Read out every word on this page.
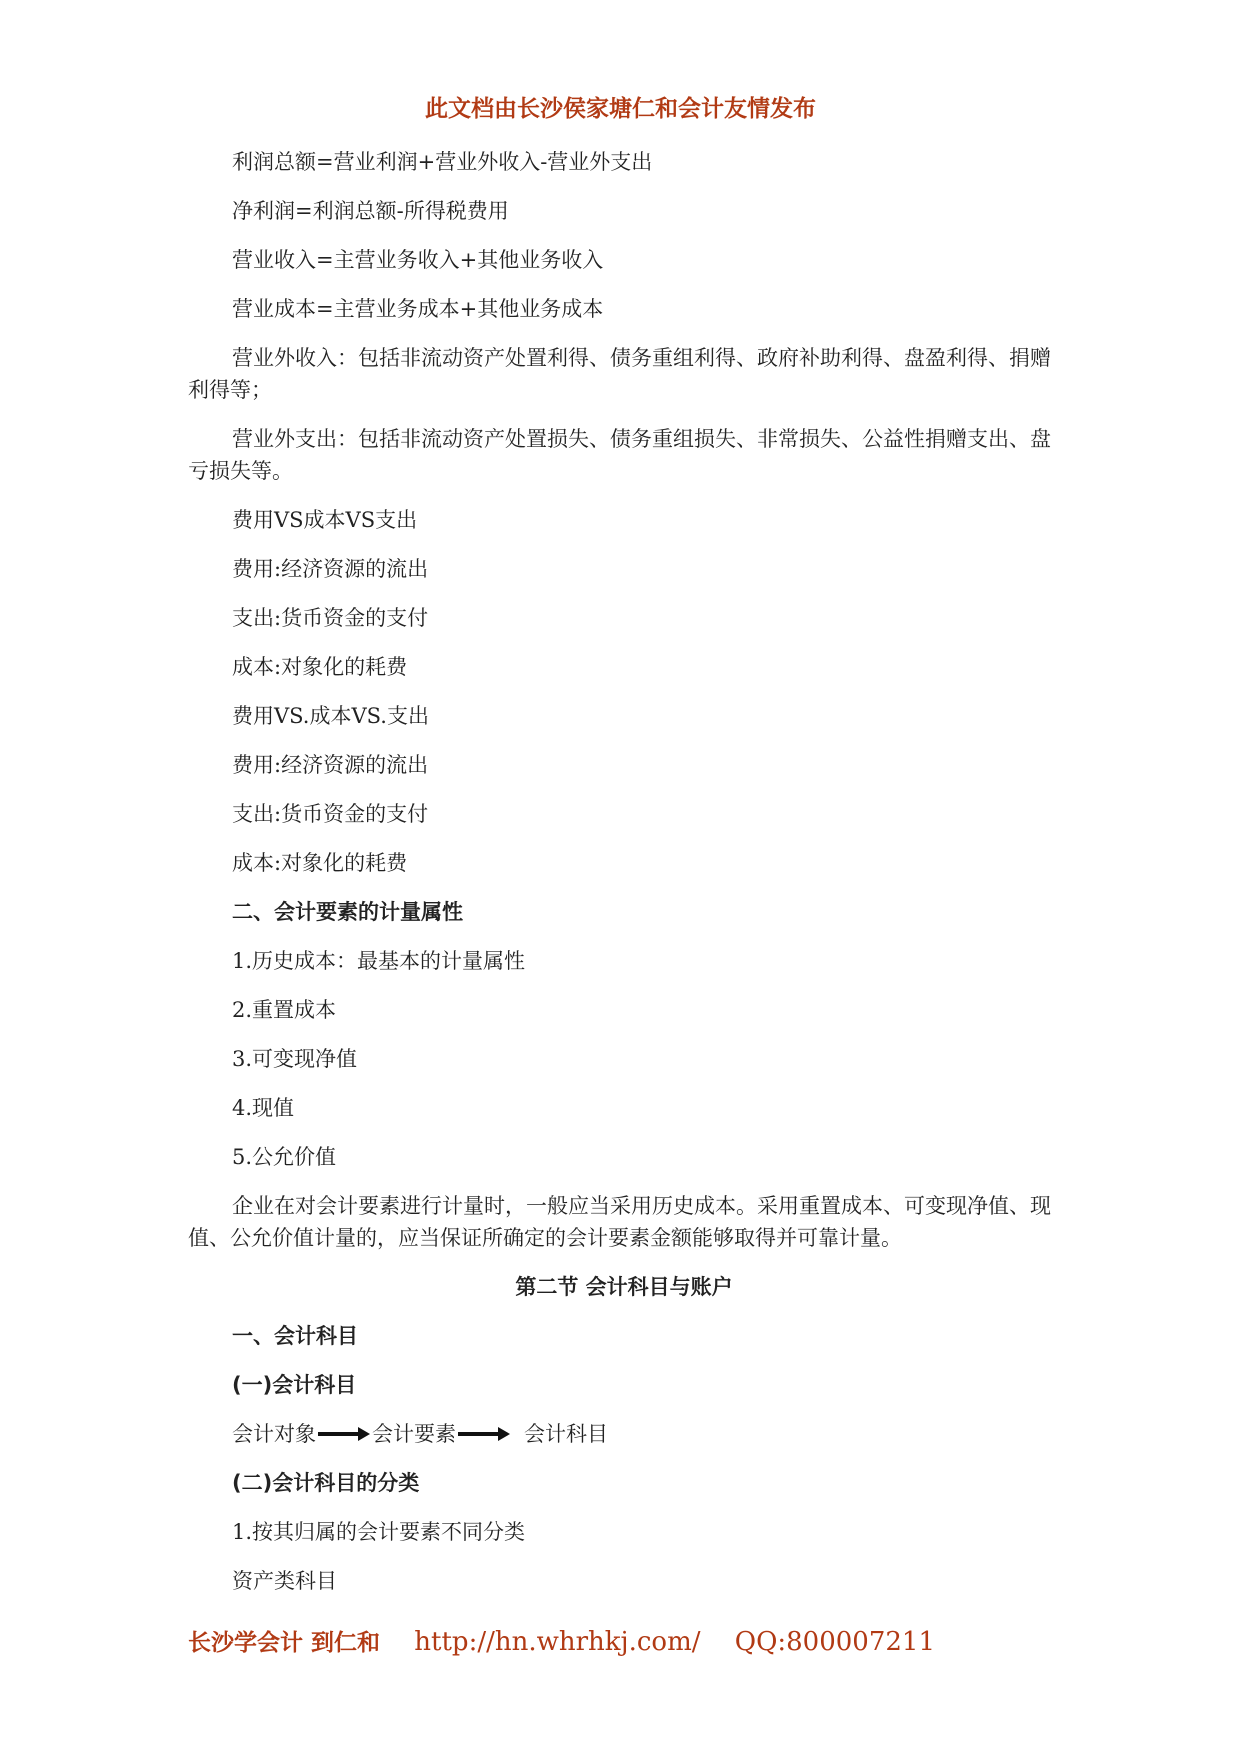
此文档由长沙侯家塘仁和会计友情发布

利润总额=营业利润+营业外收入-营业外支出

净利润=利润总额-所得税费用

营业收入=主营业务收入+其他业务收入

营业成本=主营业务成本+其他业务成本

营业外收入：包括非流动资产处置利得、债务重组利得、政府补助利得、盘盈利得、捐赠利得等；

营业外支出：包括非流动资产处置损失、债务重组损失、非常损失、公益性捐赠支出、盘亏损失等。

费用VS成本VS支出

费用:经济资源的流出

支出:货币资金的支付

成本:对象化的耗费

费用VS.成本VS.支出

费用:经济资源的流出

支出:货币资金的支付

成本:对象化的耗费

二、会计要素的计量属性

1.历史成本：最基本的计量属性

2.重置成本

3.可变现净值

4.现值

5.公允价值

企业在对会计要素进行计量时，一般应当采用历史成本。采用重置成本、可变现净值、现值、公允价值计量的，应当保证所确定的会计要素金额能够取得并可靠计量。

第二节 会计科目与账户

一、会计科目

(一)会计科目

会计对象	会计要素	会计科目

(二)会计科目的分类

1.按其归属的会计要素不同分类

资产类科目

长沙学会计 到仁和 http://hn.whrhkj.com/ QQ:800007211
